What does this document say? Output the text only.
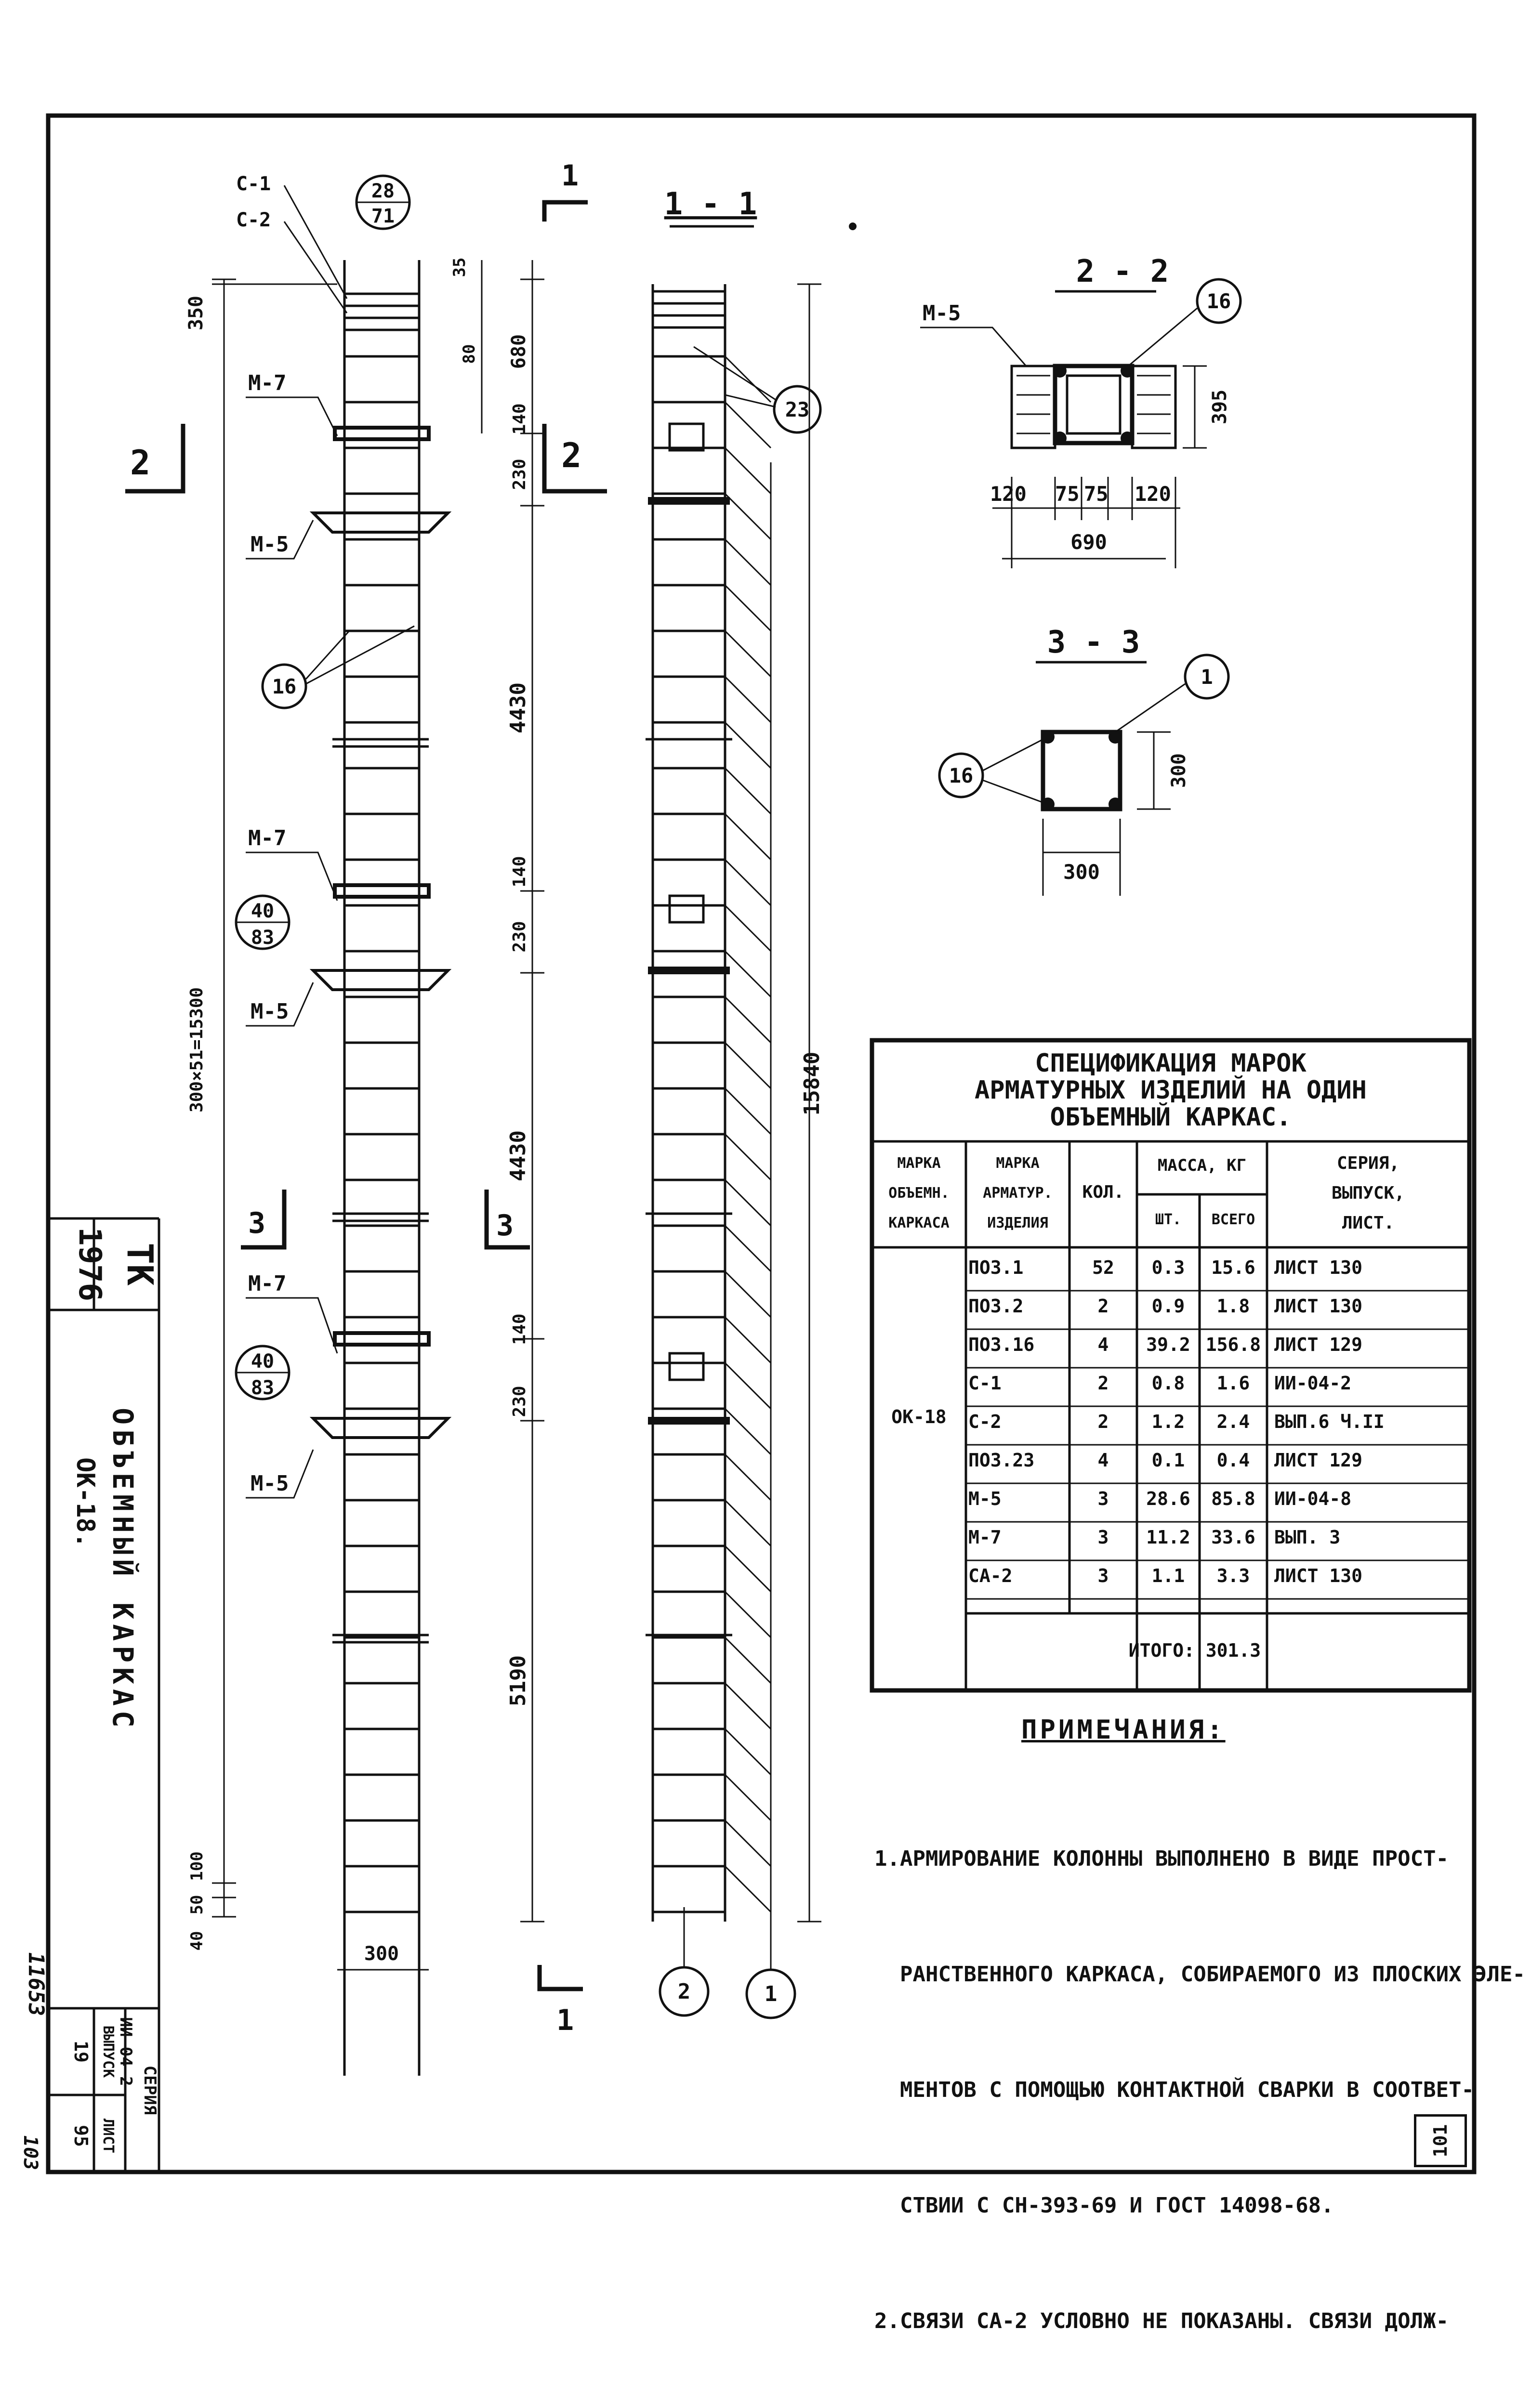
1976 ТК
ОБЪЕМНЫЙ КАРКАС
ОК-18.
СЕРИЯ
ИИ-04-2
ВЫПУСК
ЛИСТ
19
95
11653
103
С-1
С-2
28
71
М-7
М-5
16
М-7
40
83
М-5
М-7
40
83
М-5
1
1
2	2
3	3
350
35
80 680
140
230
4430
140
230
4430
140
230
5190
100
50
40
300
300×51=15300
1 - 1
23
2	1
15840
2 - 2
М-5	16
120 75 75 120
690
395
3 - 3
1
16
300
300
СПЕЦИФИКАЦИЯ МАРОК
АРМАТУРНЫХ ИЗДЕЛИЙ НА ОДИН
ОБЪЕМНЫЙ КАРКАС.
МАРКА
ОБЪЕМН.
КАРКАСА
МАРКА
АРМАТУР.
ИЗДЕЛИЯ
КОЛ.
МАССА, КГ
ШТ.	ВСЕГО
СЕРИЯ,
ВЫПУСК,
ЛИСТ.
ОК-18
ПОЗ.1	52	0.3	15.6	ЛИСТ 130
ПОЗ.2	2	0.9	1.8	ЛИСТ 130
ПОЗ.16	4	39.2 156.8 ЛИСТ 129
С-1	2	0.8	1.6	ИИ-04-2
С-2	2	1.2	2.4	ВЫП.6 Ч.II
ПОЗ.23	4	0.1	0.4	ЛИСТ 129
М-5	3	28.6	85.8	ИИ-04-8
М-7	3	11.2	33.6	ВЫП. 3
СА-2	3	1.1	3.3	ЛИСТ 130
ИТОГО: 301.3
ПРИМЕЧАНИЯ:

1.АРМИРОВАНИЕ КОЛОННЫ ВЫПОЛНЕНО В ВИДЕ ПРОСТ-

РАНСТВЕННОГО КАРКАСА, СОБИРАЕМОГО ИЗ ПЛОСКИХ ЭЛЕ-

МЕНТОВ С ПОМОЩЬЮ КОНТАКТНОЙ СВАРКИ В СООТВЕТ-

СТВИИ С СН-393-69 И ГОСТ 14098-68.

2.СВЯЗИ СА-2 УСЛОВНО НЕ ПОКАЗАНЫ. СВЯЗИ ДОЛЖ-

101
